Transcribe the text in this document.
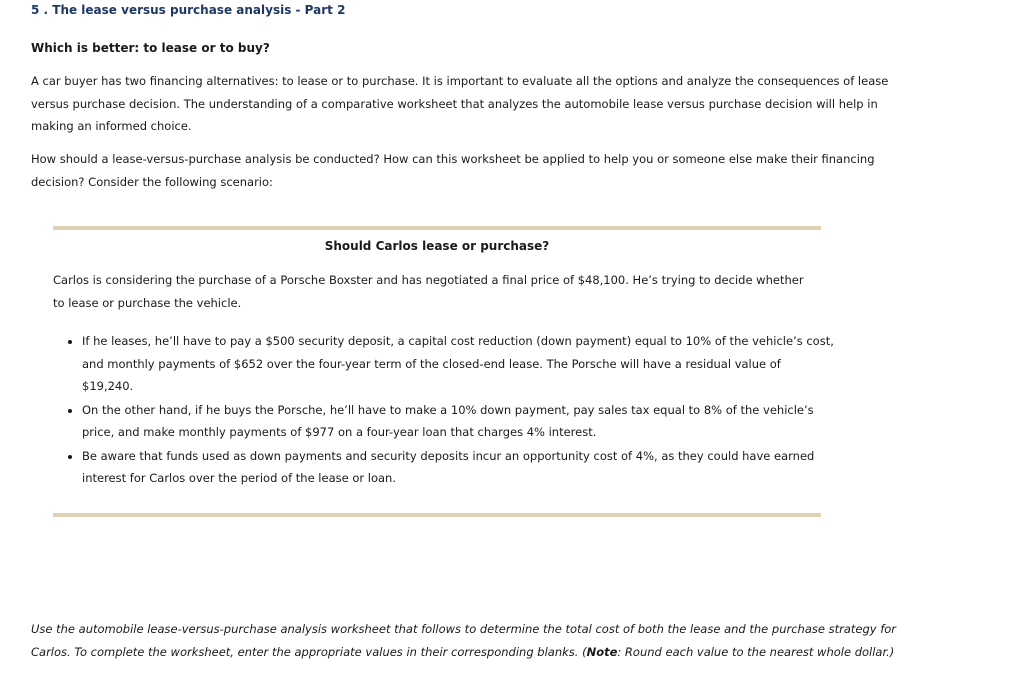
5 . The lease versus purchase analysis - Part 2
Which is better: to lease or to buy?

A car buyer has two financing alternatives: to lease or to purchase. It is important to evaluate all the options and analyze the consequences of lease versus purchase decision. The understanding of a comparative worksheet that analyzes the automobile lease versus purchase decision will help in making an informed choice.

How should a lease-versus-purchase analysis be conducted? How can this worksheet be applied to help you or someone else make their financing decision? Consider the following scenario:

Should Carlos lease or purchase?

Carlos is considering the purchase of a Porsche Boxster and has negotiated a final price of $48,100. He’s trying to decide whether to lease or purchase the vehicle.

• If he leases, he’ll have to pay a $500 security deposit, a capital cost reduction (down payment) equal to 10% of the vehicle’s cost, and monthly payments of $652 over the four-year term of the closed-end lease. The Porsche will have a residual value of $19,240.
• On the other hand, if he buys the Porsche, he’ll have to make a 10% down payment, pay sales tax equal to 8% of the vehicle’s price, and make monthly payments of $977 on a four-year loan that charges 4% interest.
• Be aware that funds used as down payments and security deposits incur an opportunity cost of 4%, as they could have earned interest for Carlos over the period of the lease or loan.

Use the automobile lease-versus-purchase analysis worksheet that follows to determine the total cost of both the lease and the purchase strategy for Carlos. To complete the worksheet, enter the appropriate values in their corresponding blanks. (Note: Round each value to the nearest whole dollar.)
